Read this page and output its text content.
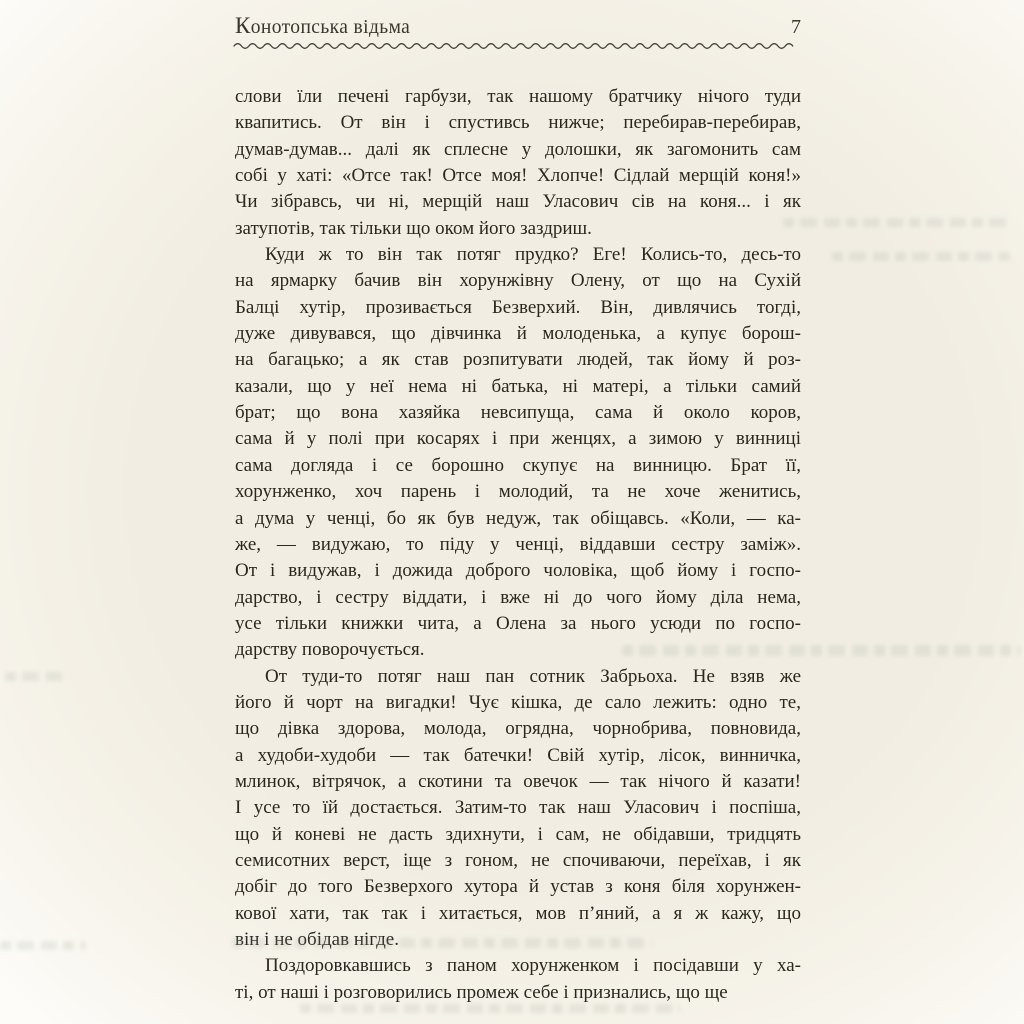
Конотопська відьма	7
слови їли печені гарбузи, так нашому братчику нічого туди
квапитись. От він і спустивсь нижче; перебирав-перебирав,
думав-думав... далі як сплесне у долошки, як загомонить сам
собі у хаті: «Отсе так! Отсе моя! Хлопче! Сідлай мерщій коня!»
Чи зібравсь, чи ні, мерщій наш Уласович сів на коня... і як
затупотів, так тільки що оком його заздриш.
Куди ж то він так потяг прудко? Еге! Колись-то, десь-то
на ярмарку бачив він хорунжівну Олену, от що на Сухій
Балці хутір, прозивається Безверхий. Він, дивлячись тогді,
дуже дивувався, що дівчинка й молоденька, а купує борош-
на багацько; а як став розпитувати людей, так йому й роз-
казали, що у неї нема ні батька, ні матері, а тільки самий
брат; що вона хазяйка невсипуща, сама й около коров,
сама й у полі при косарях і при женцях, а зимою у винниці
сама догляда і се борошно скупує на винницю. Брат її,
хорунженко, хоч парень і молодий, та не хоче женитись,
а дума у ченці, бо як був недуж, так обіщавсь. «Коли, — ка-
же, — видужаю, то піду у ченці, віддавши сестру заміж».
От і видужав, і дожида доброго чоловіка, щоб йому і госпо-
дарство, і сестру віддати, і вже ні до чого йому діла нема,
усе тільки книжки чита, а Олена за нього усюди по госпо-
дарству поворочується.
От туди-то потяг наш пан сотник Забрьоха. Не взяв же
його й чорт на вигадки! Чує кішка, де сало лежить: одно те,
що дівка здорова, молода, огрядна, чорнобрива, повновида,
а худоби-худоби — так батечки! Свій хутір, лісок, винничка,
млинок, вітрячок, а скотини та овечок — так нічого й казати!
І усе то їй достається. Затим-то так наш Уласович і поспіша,
що й коневі не дасть здихнути, і сам, не обідавши, тридцять
семисотних верст, іще з гоном, не спочиваючи, переїхав, і як
добіг до того Безверхого хутора й устав з коня біля хорунжен-
кової хати, так так і хитається, мов п’яний, а я ж кажу, що
він і не обідав нігде.
Поздоровкавшись з паном хорунженком і посідавши у ха-
ті, от наші і розговорились промеж себе і признались, що ще
